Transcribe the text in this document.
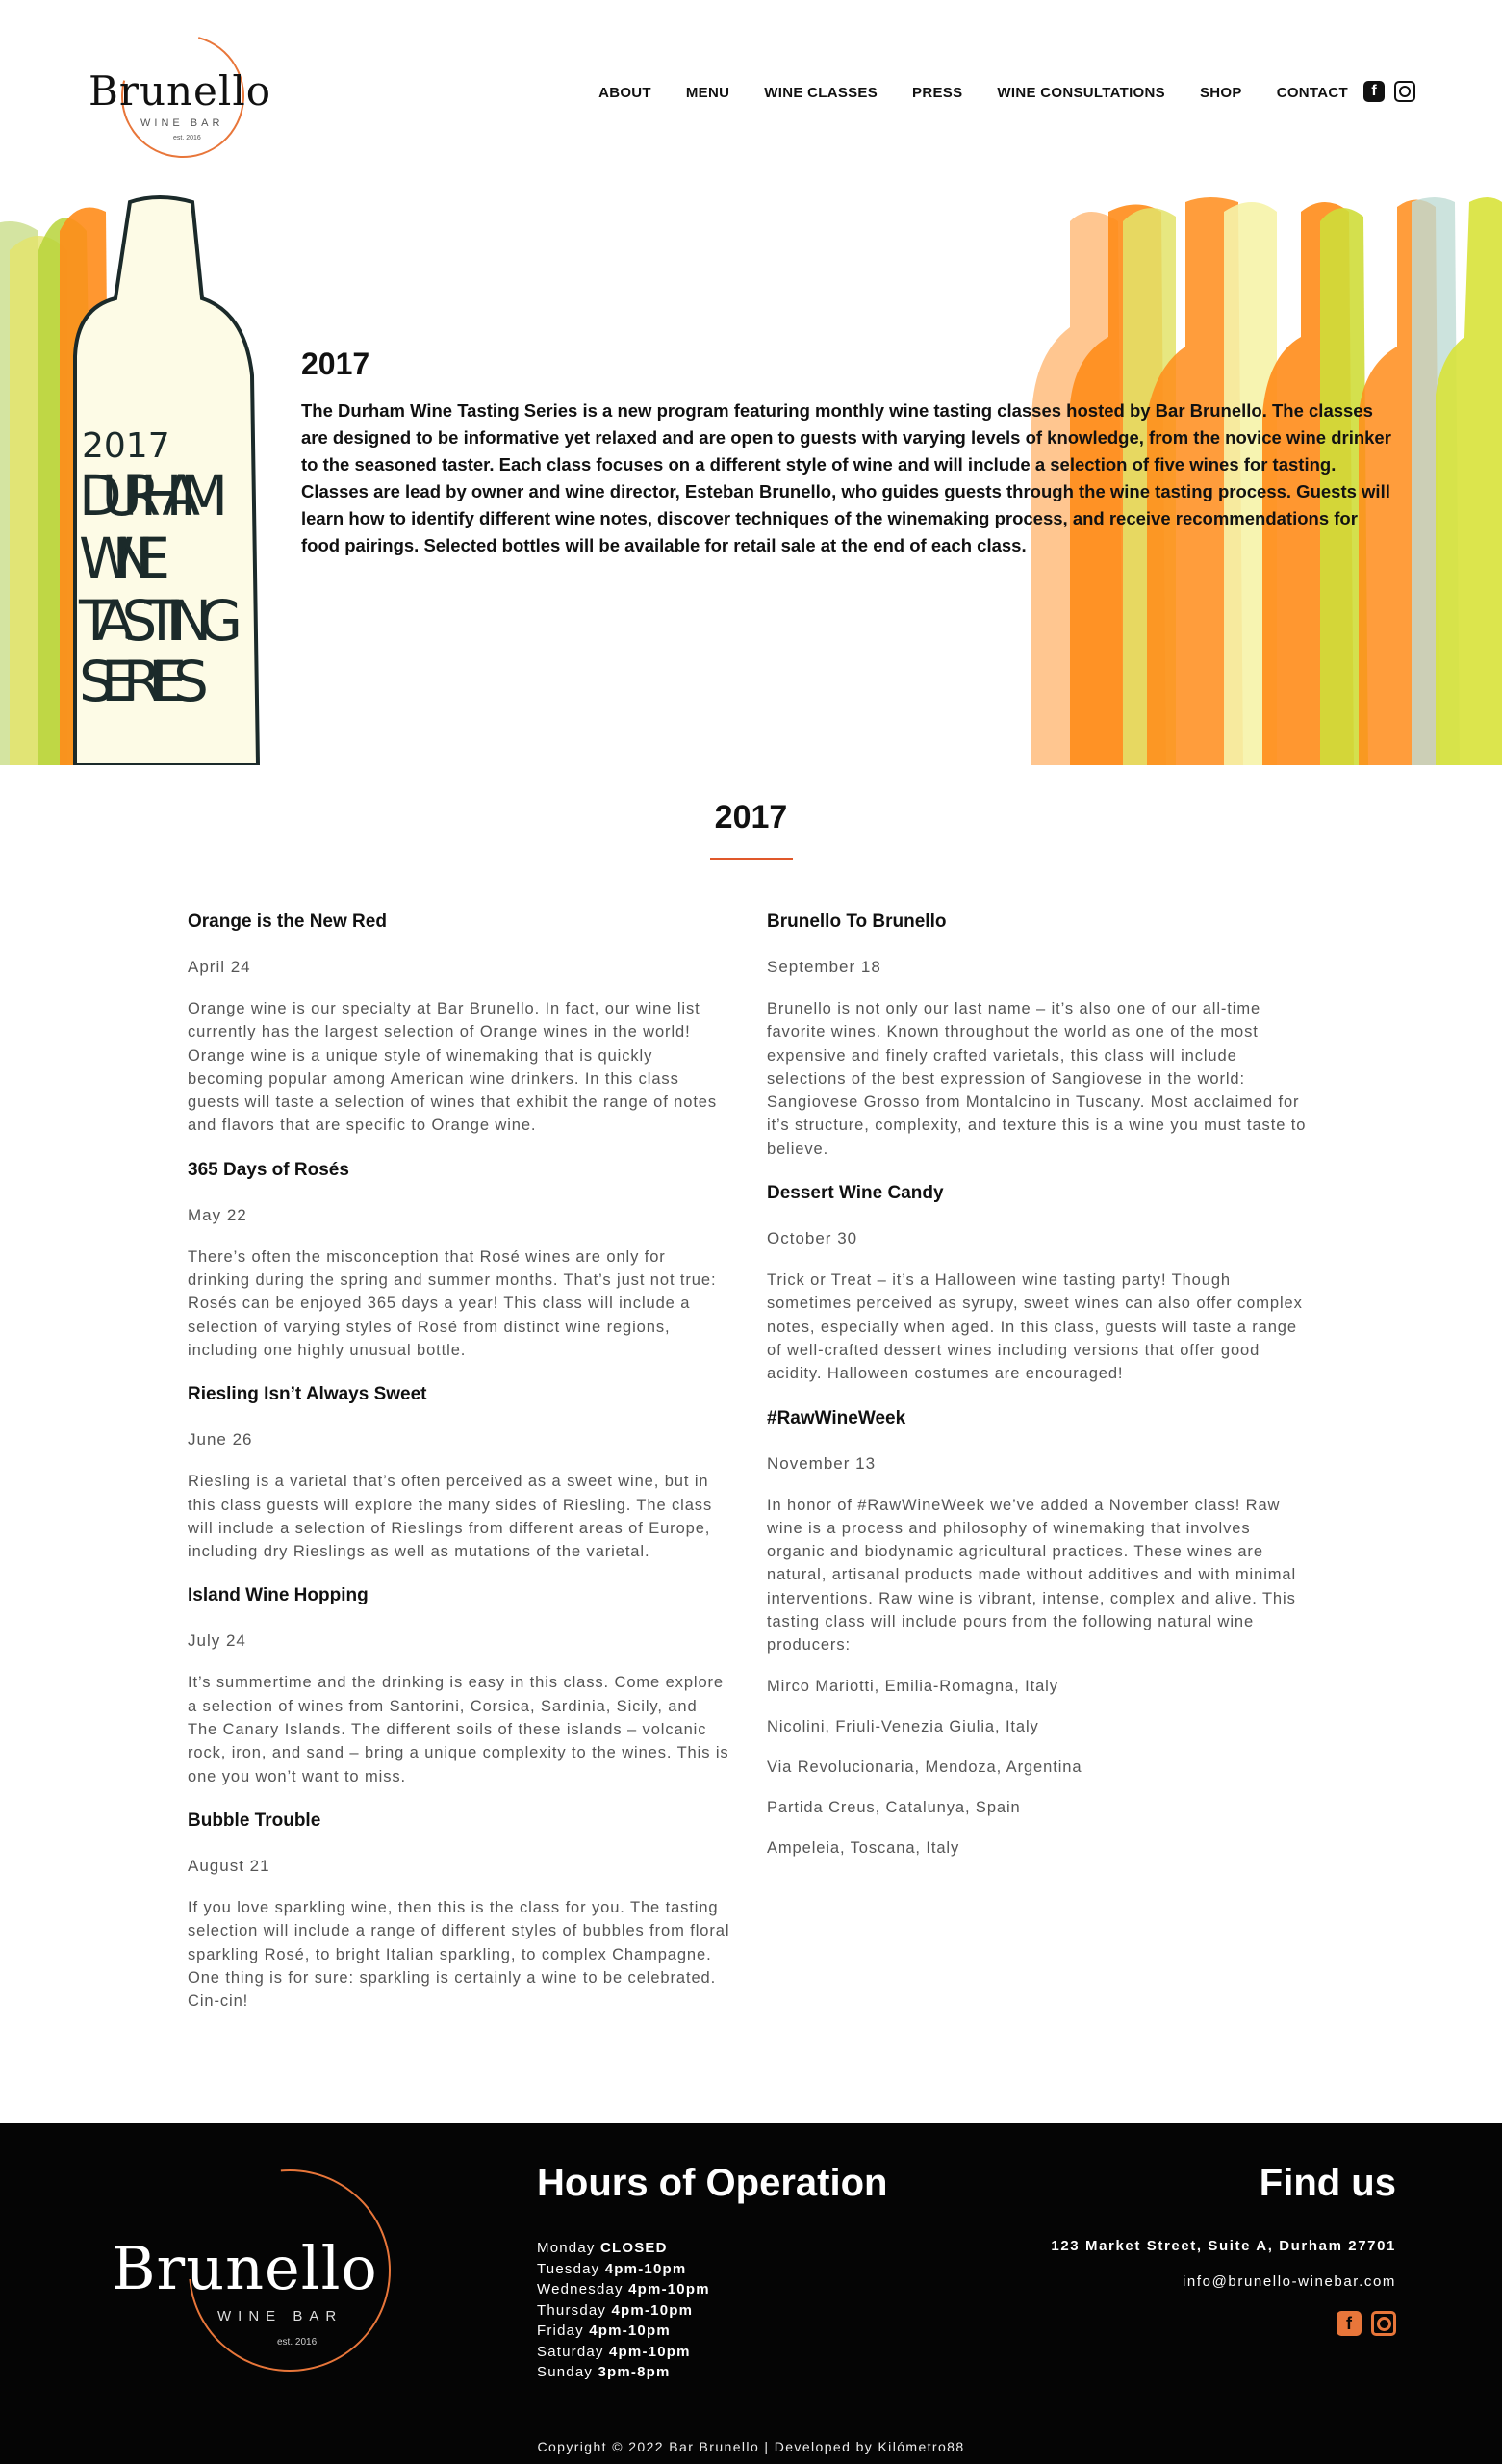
Brunello
WINE BAR
est. 2016
ABOUT MENU WINE CLASSES PRESS WINE CONSULTATIONS SHOP CONTACT	f
2017
DURHAM
WINE
TASTING
SERIES
2017

The Durham Wine Tasting Series is a new program featuring monthly wine tasting classes hosted by Bar Brunello. The classes are designed to be informative yet relaxed and are open to guests with varying levels of knowledge, from the novice wine drinker to the seasoned taster. Each class focuses on a different style of wine and will include a selection of five wines for tasting. Classes are lead by owner and wine director, Esteban Brunello, who guides guests through the wine tasting process. Guests will learn how to identify different wine notes, discover techniques of the winemaking process, and receive recommendations for food pairings. Selected bottles will be available for retail sale at the end of each class.

2017
Orange is the New Red
April 24

Orange wine is our specialty at Bar Brunello. In fact, our wine list currently has the largest selection of Orange wines in the world! Orange wine is a unique style of winemaking that is quickly becoming popular among American wine drinkers. In this class guests will taste a selection of wines that exhibit the range of notes and flavors that are specific to Orange wine.

365 Days of Rosés
May 22

There’s often the misconception that Rosé wines are only for drinking during the spring and summer months. That’s just not true: Rosés can be enjoyed 365 days a year! This class will include a selection of varying styles of Rosé from distinct wine regions, including one highly unusual bottle.

Riesling Isn’t Always Sweet
June 26

Riesling is a varietal that’s often perceived as a sweet wine, but in this class guests will explore the many sides of Riesling. The class will include a selection of Rieslings from different areas of Europe, including dry Rieslings as well as mutations of the varietal.

Island Wine Hopping
July 24

It’s summertime and the drinking is easy in this class. Come explore a selection of wines from Santorini, Corsica, Sardinia, Sicily, and The Canary Islands. The different soils of these islands – volcanic rock, iron, and sand – bring a unique complexity to the wines. This is one you won’t want to miss.

Bubble Trouble
August 21

If you love sparkling wine, then this is the class for you. The tasting selection will include a range of different styles of bubbles from floral sparkling Rosé, to bright Italian sparkling, to complex Champagne. One thing is for sure: sparkling is certainly a wine to be celebrated. Cin-cin!

Brunello To Brunello
September 18

Brunello is not only our last name – it’s also one of our all-time favorite wines. Known throughout the world as one of the most expensive and finely crafted varietals, this class will include selections of the best expression of Sangiovese in the world: Sangiovese Grosso from Montalcino in Tuscany. Most acclaimed for it’s structure, complexity, and texture this is a wine you must taste to believe.

Dessert Wine Candy
October 30

Trick or Treat – it’s a Halloween wine tasting party! Though sometimes perceived as syrupy, sweet wines can also offer complex notes, especially when aged. In this class, guests will taste a range of well-crafted dessert wines including versions that offer good acidity. Halloween costumes are encouraged!

#RawWineWeek
November 13

In honor of #RawWineWeek we’ve added a November class! Raw wine is a process and philosophy of winemaking that involves organic and biodynamic agricultural practices. These wines are natural, artisanal products made without additives and with minimal interventions. Raw wine is vibrant, intense, complex and alive. This tasting class will include pours from the following natural wine producers:

Mirco Mariotti, Emilia-Romagna, Italy
Nicolini, Friuli-Venezia Giulia, Italy
Via Revolucionaria, Mendoza, Argentina
Partida Creus, Catalunya, Spain
Ampeleia, Toscana, Italy
Brunello
WINE BAR
est. 2016
Hours of Operation
Monday CLOSED
Tuesday 4pm-10pm
Wednesday 4pm-10pm
Thursday 4pm-10pm
Friday 4pm-10pm
Saturday 4pm-10pm
Sunday 3pm-8pm
Find us
123 Market Street, Suite A, Durham 27701
info@brunello-winebar.com
f
Copyright © 2022 Bar Brunello | Developed by Kilómetro88
